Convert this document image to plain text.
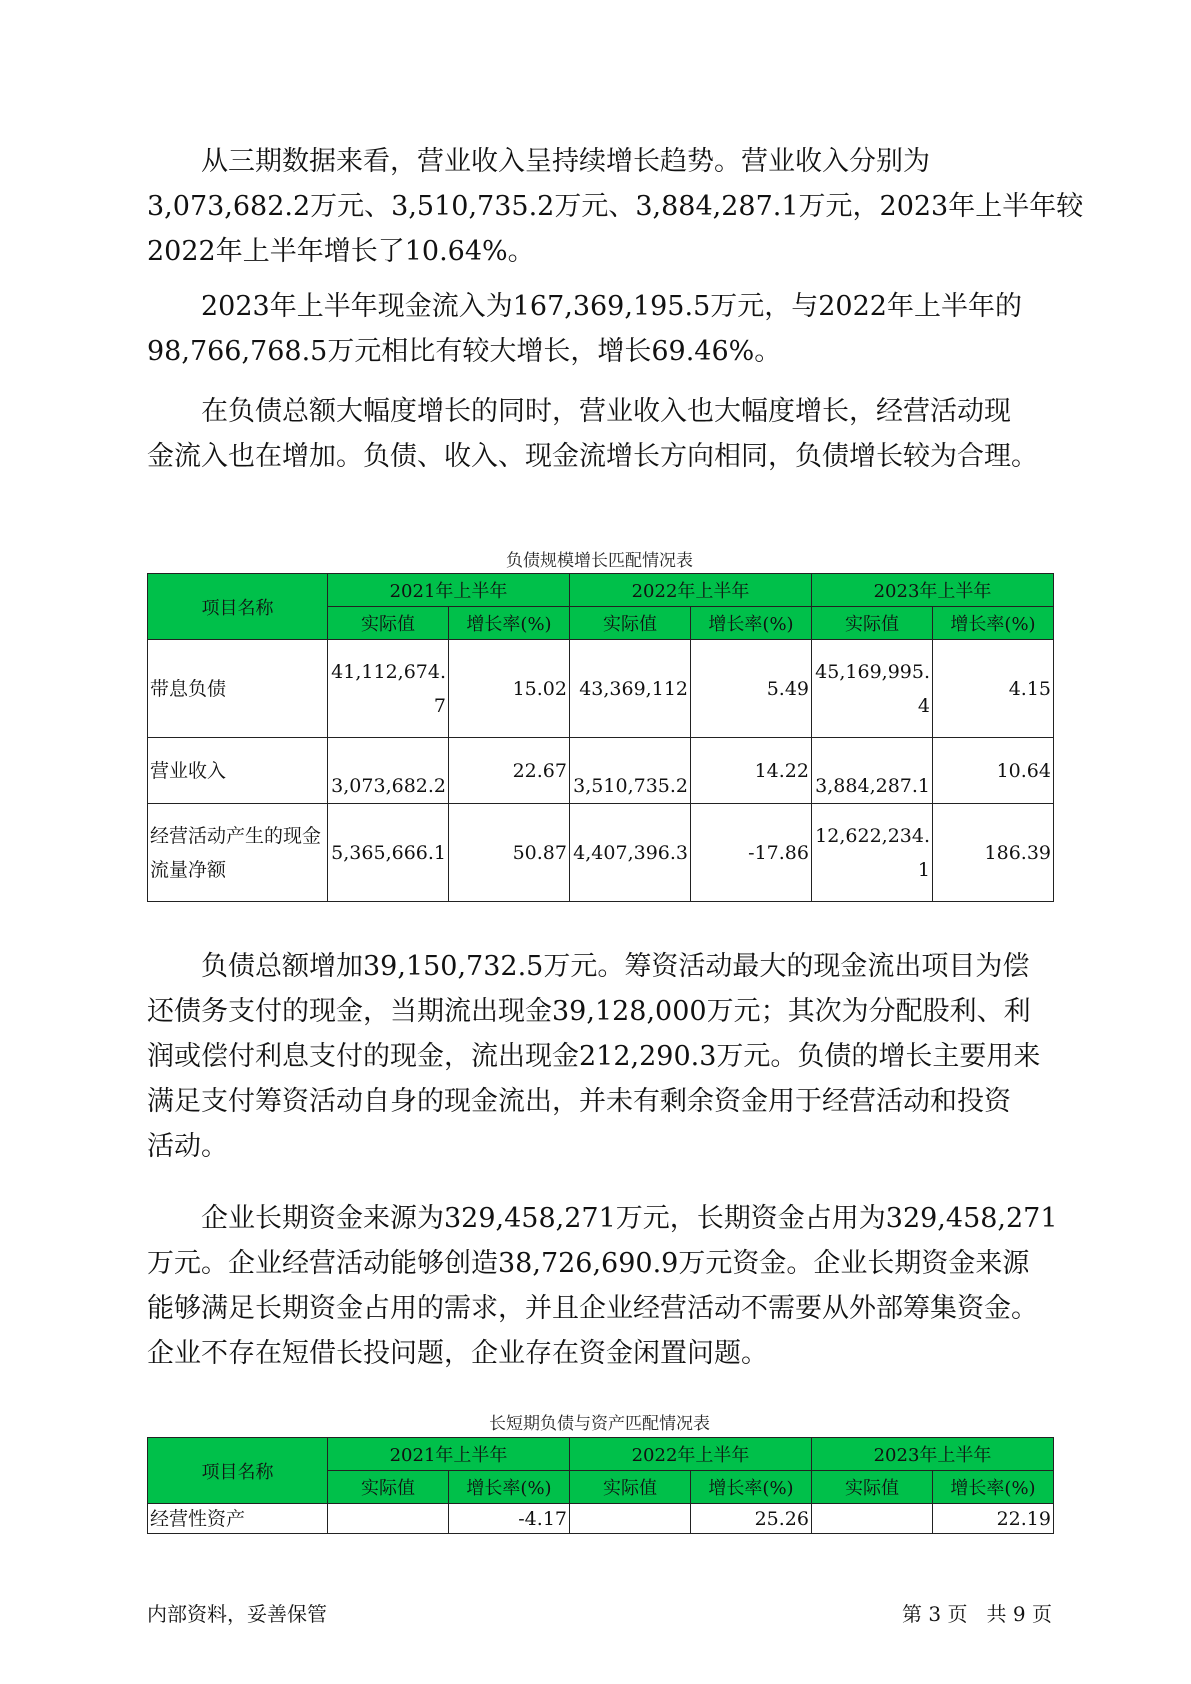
从三期数据来看，营业收入呈持续增长趋势。营业收入分别为
3,073,682.2万元、3,510,735.2万元、3,884,287.1万元，2023年上半年较
2022年上半年增长了10.64%。
2023年上半年现金流入为167,369,195.5万元，与2022年上半年的
98,766,768.5万元相比有较大增长，增长69.46%。
在负债总额大幅度增长的同时，营业收入也大幅度增长，经营活动现
金流入也在增加。负债、收入、现金流增长方向相同，负债增长较为合理。
负债规模增长匹配情况表
项目名称	2021年上半年		2022年上半年		2023年上半年	
	实际值	增长率(%)	实际值	增长率(%)	实际值	增长率(%)
带息负债	41,112,674.7	15.02	43,369,112	5.49	45,169,995.4	4.15
营业收入	3,073,682.2	22.67	3,510,735.2	14.22	3,884,287.1	10.64
经营活动产生的现金流量净额	5,365,666.1	50.87	4,407,396.3	-17.86	12,622,234.1	186.39
负债总额增加39,150,732.5万元。筹资活动最大的现金流出项目为偿
还债务支付的现金，当期流出现金39,128,000万元；其次为分配股利、利
润或偿付利息支付的现金，流出现金212,290.3万元。负债的增长主要用来
满足支付筹资活动自身的现金流出，并未有剩余资金用于经营活动和投资
活动。
企业长期资金来源为329,458,271万元，长期资金占用为329,458,271
万元。企业经营活动能够创造38,726,690.9万元资金。企业长期资金来源
能够满足长期资金占用的需求，并且企业经营活动不需要从外部筹集资金。
企业不存在短借长投问题，企业存在资金闲置问题。
长短期负债与资产匹配情况表
项目名称	2021年上半年		2022年上半年		2023年上半年	
	实际值	增长率(%)	实际值	增长率(%)	实际值	增长率(%)
经营性资产		-4.17		25.26		22.19
内部资料，妥善保管	第 3 页   共 9 页
